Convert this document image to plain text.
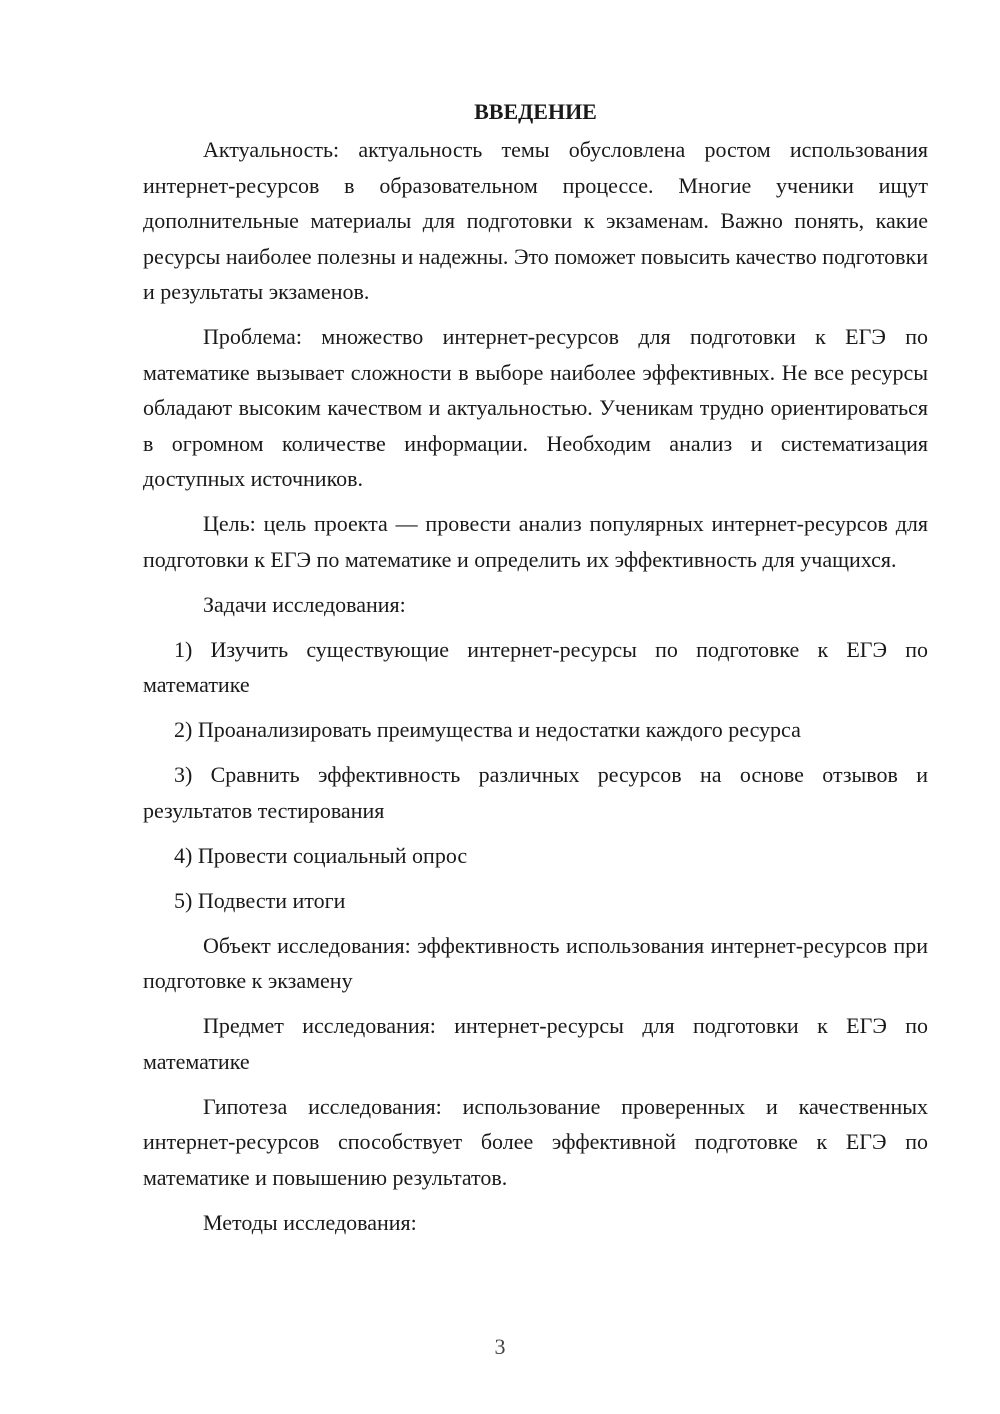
ВВЕДЕНИЕ

Актуальность: актуальность темы обусловлена ростом использования интернет-ресурсов в образовательном процессе. Многие ученики ищут дополнительные материалы для подготовки к экзаменам. Важно понять, какие ресурсы наиболее полезны и надежны. Это поможет повысить качество подготовки и результаты экзаменов.

Проблема: множество интернет-ресурсов для подготовки к ЕГЭ по математике вызывает сложности в выборе наиболее эффективных. Не все ресурсы обладают высоким качеством и актуальностью. Ученикам трудно ориентироваться в огромном количестве информации. Необходим анализ и систематизация доступных источников.

Цель: цель проекта — провести анализ популярных интернет-ресурсов для подготовки к ЕГЭ по математике и определить их эффективность для учащихся.

Задачи исследования:

1) Изучить существующие интернет-ресурсы по подготовке к ЕГЭ по математике

2) Проанализировать преимущества и недостатки каждого ресурса

3) Сравнить эффективность различных ресурсов на основе отзывов и результатов тестирования

4) Провести социальный опрос

5) Подвести итоги

Объект исследования: эффективность использования интернет-ресурсов при подготовке к экзамену

Предмет исследования: интернет-ресурсы для подготовки к ЕГЭ по математике

Гипотеза исследования: использование проверенных и качественных интернет-ресурсов способствует более эффективной подготовке к ЕГЭ по математике и повышению результатов.

Методы исследования:

3
